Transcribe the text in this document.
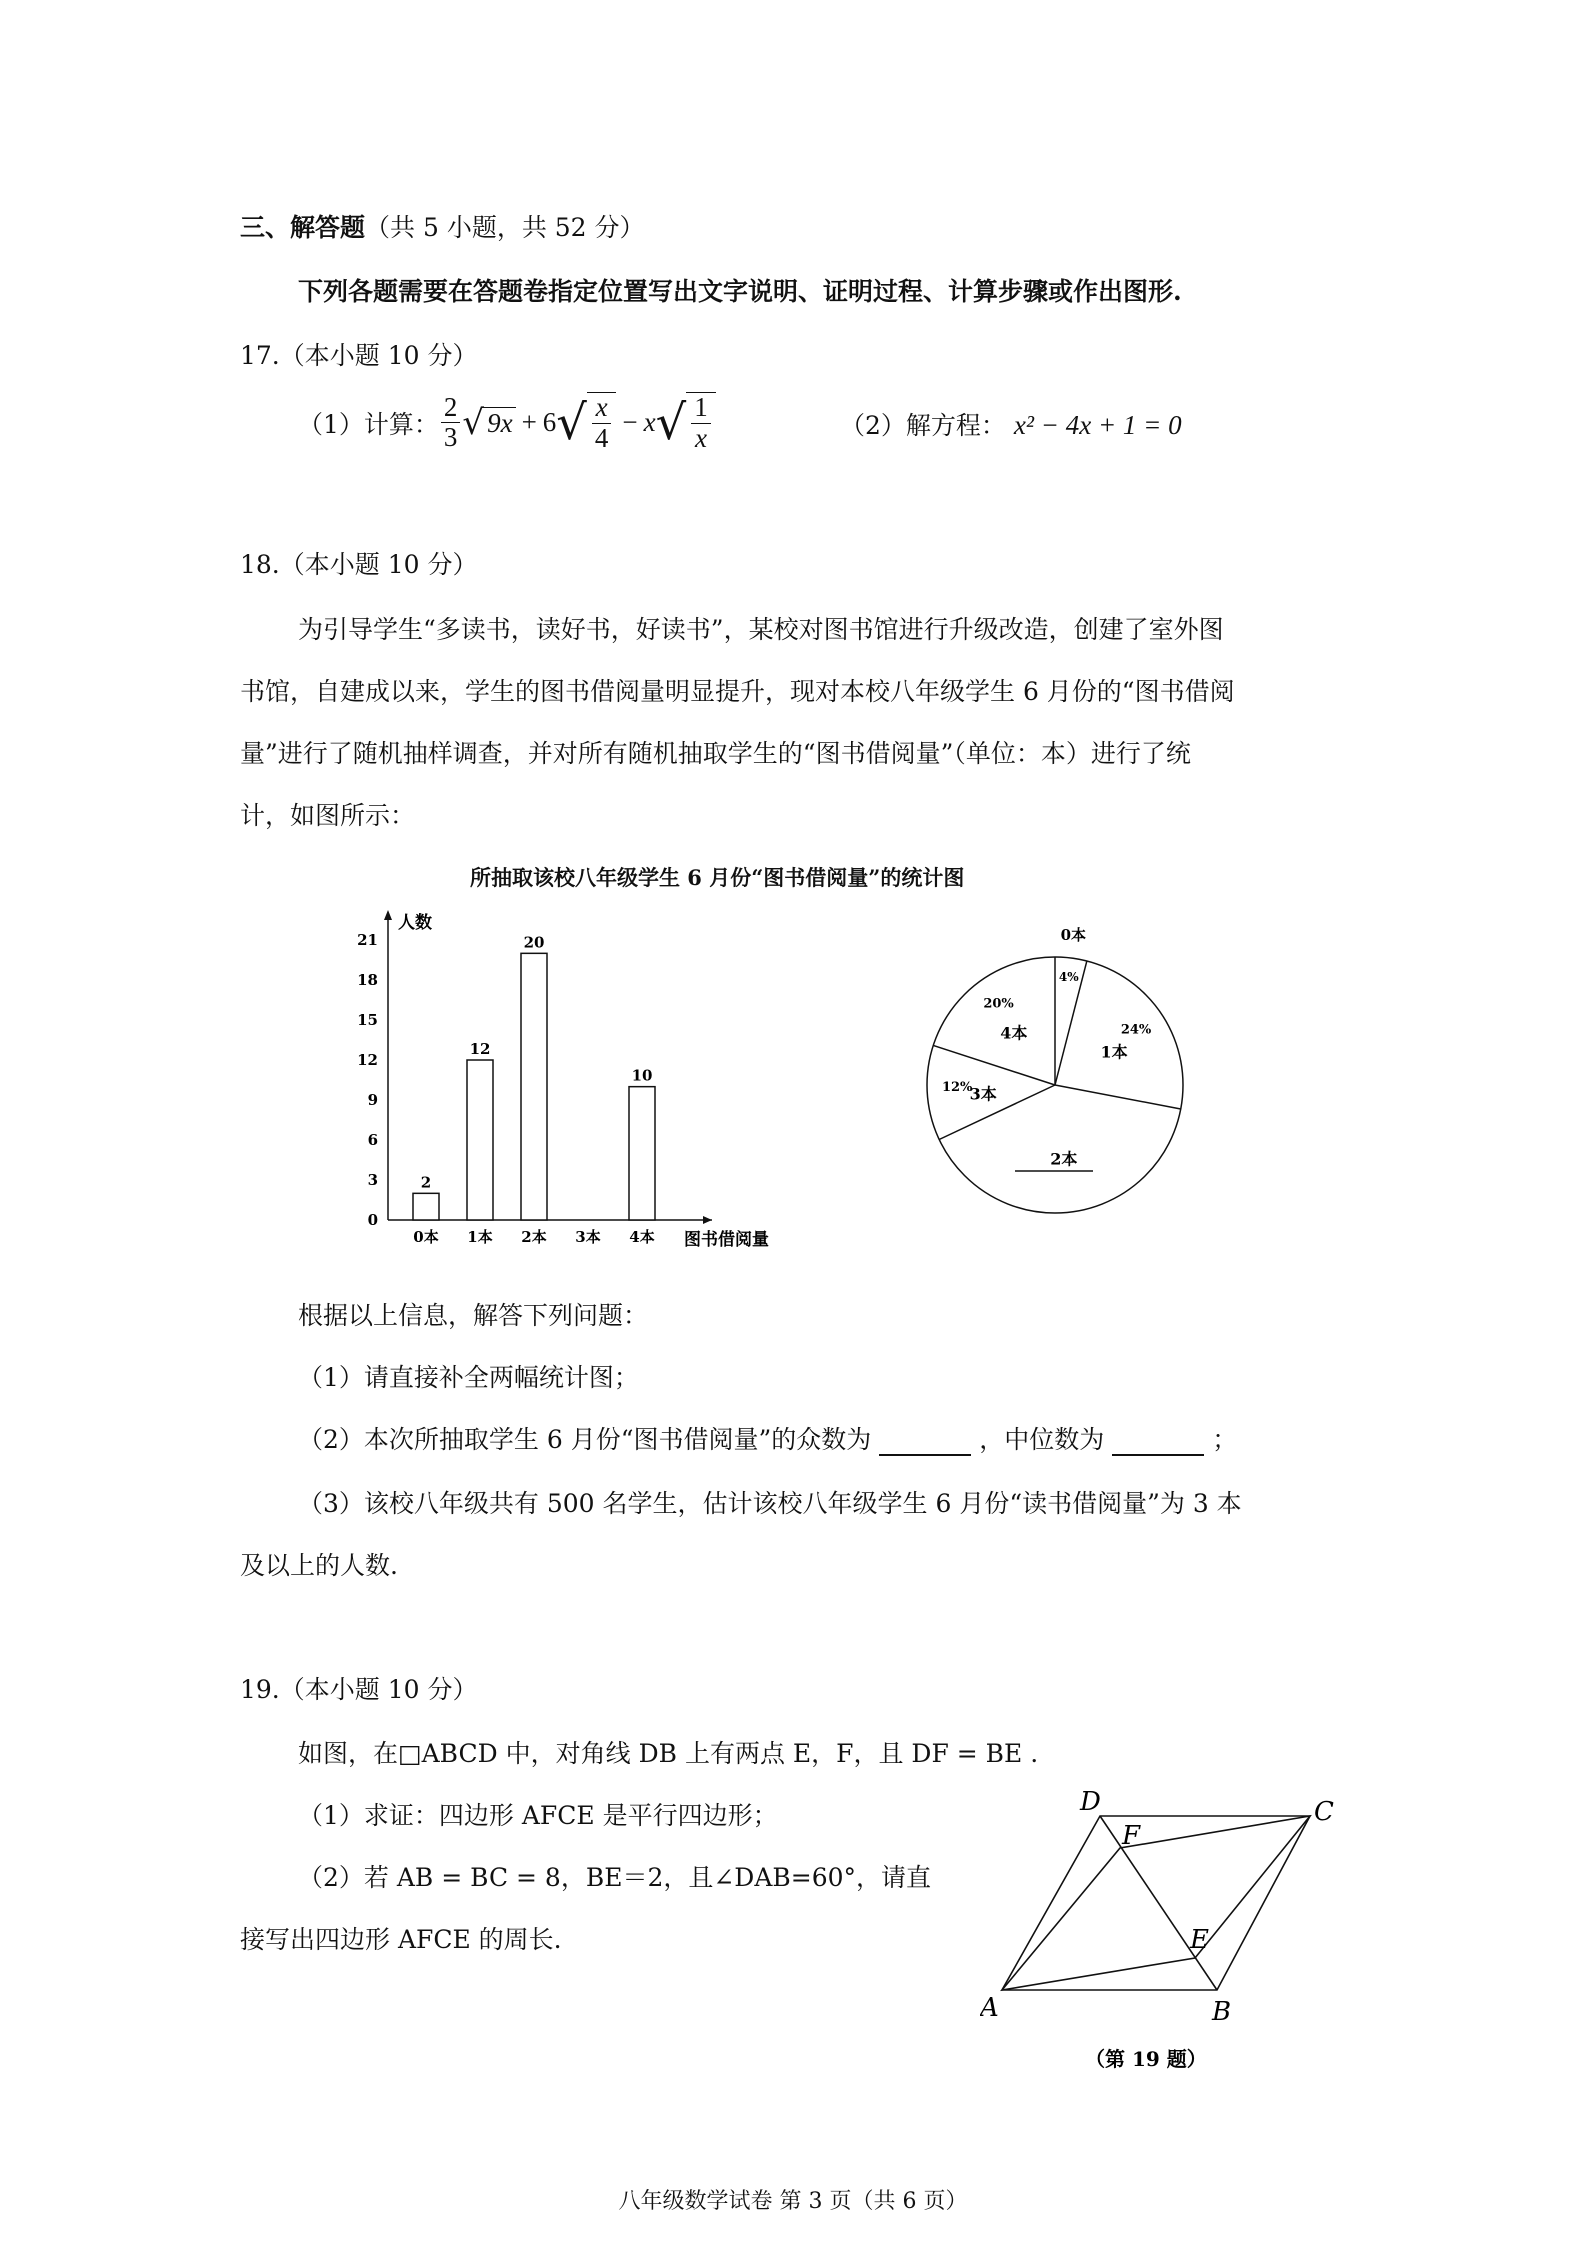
三、解答题（共 5 小题，共 52 分）
下列各题需要在答题卷指定位置写出文字说明、证明过程、计算步骤或作出图形.
17.（本小题 10 分）
（1）计算： $\frac{2}{3}$ √ 9x + 6 √ $\frac{x}{4} - x$ √ $\frac{1}{x}$	（2）解方程： x² − 4x + 1 = 0
18.（本小题 10 分）
为引导学生“多读书，读好书，好读书”，某校对图书馆进行升级改造，创建了室外图
书馆，自建成以来，学生的图书借阅量明显提升，现对本校八年级学生 6 月份的“图书借阅
量”进行了随机抽样调查，并对所有随机抽取学生的“图书借阅量”（单位：本）进行了统
计，如图所示：
所抽取该校八年级学生 6 月份“图书借阅量”的统计图
0
3
6
9
12
15
18
21
0本 1本 2本 3本 4本
2
12
20
10
人数
图书借阅量
0本
4%
24%
1本
2本
12%
3本
20%
4本
根据以上信息，解答下列问题：
（1）请直接补全两幅统计图；
（2）本次所抽取学生 6 月份“图书借阅量”的众数为	，中位数为	；
（3）该校八年级共有 500 名学生，估计该校八年级学生 6 月份“读书借阅量”为 3 本
及以上的人数.
19.（本小题 10 分）
如图，在□ABCD 中，对角线 DB 上有两点 E，F，且 DF = BE .
（1）求证：四边形 AFCE 是平行四边形；
（2）若 AB = BC = 8，BE＝2，且∠DAB=60°，请直
接写出四边形 AFCE 的周长.
A	B
C
D
E
F
（第 19 题）
八年级数学试卷 第 3 页（共 6 页）
